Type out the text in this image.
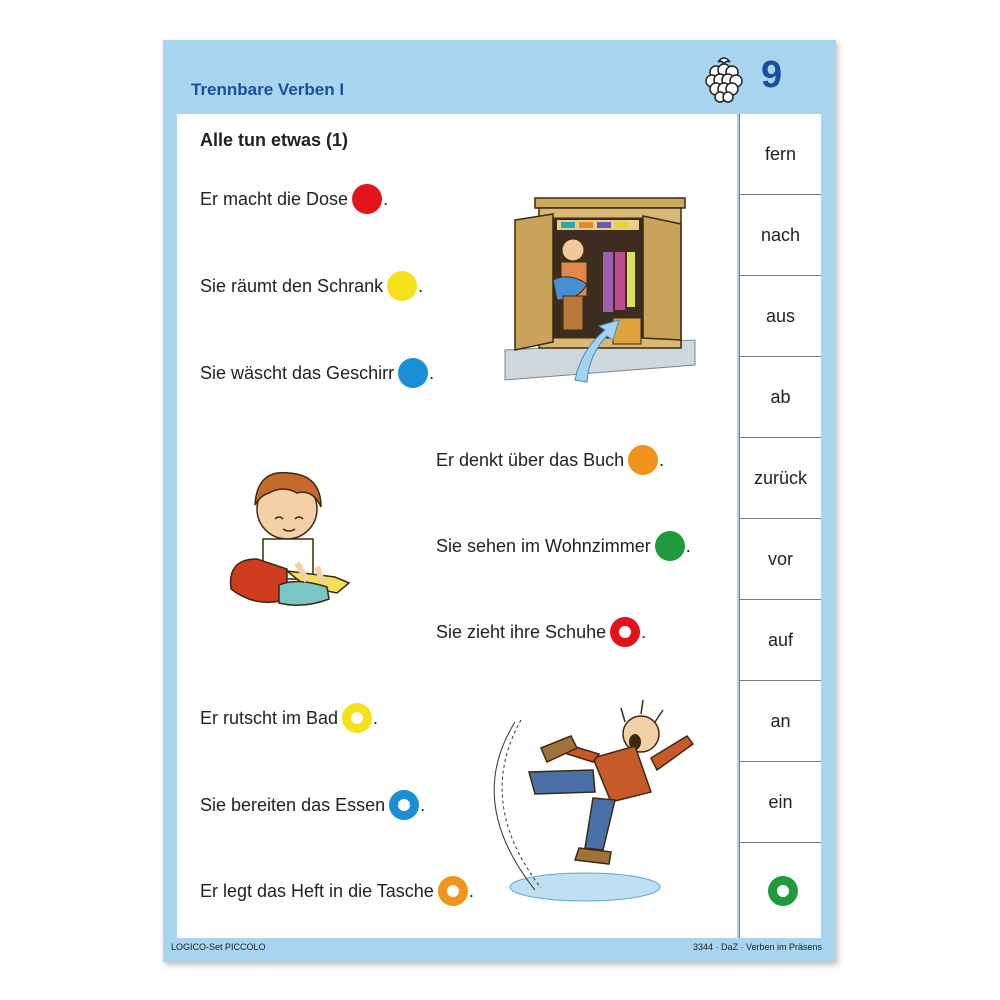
Trennbare Verben I	9
Alle tun etwas (1)
Er macht die Dose .
Sie räumt den Schrank .
Sie wäscht das Geschirr .
Er denkt über das Buch .
Sie sehen im Wohnzimmer .
Sie zieht ihre Schuhe .
Er rutscht im Bad .
Sie bereiten das Essen .
Er legt das Heft in die Tasche .
fern
nach
aus
ab
zurück
vor
auf
an
ein
LOGICO-Set PICCOLO	3344 · DaZ · Verben im Präsens
